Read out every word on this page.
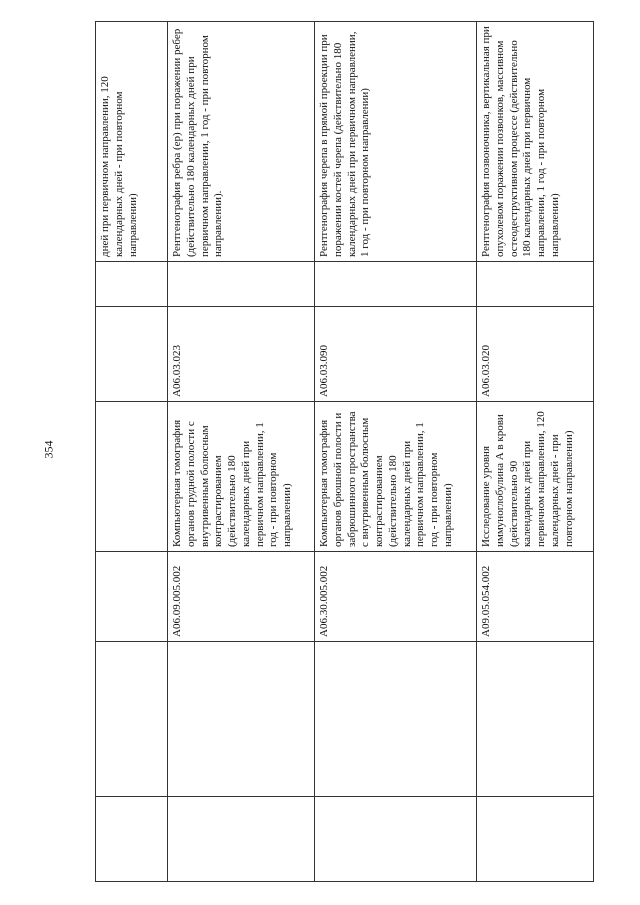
354
						дней при первичном направлении, 120 календарных дней - при повторном направлении)
		A06.09.005.002	Компьютерная томография органов грудной полости с внутривенным болюсным контрастированием (действительно 180 календарных дней при первичном направлении, 1 год - при повторном направлении)	A06.03.023		Рентгенография ребра (ер) при поражении ребер (действительно 180 календарных дней при первичном направлении, 1 год - при повторном направлении).
		A06.30.005.002	Компьютерная томография органов брюшной полости и забрюшинного пространства с внутривенным болюсным контрастированием (действительно 180 календарных дней при первичном направлении, 1 год - при повторном направлении)	A06.03.090		Рентгенография черепа в прямой проекции при поражении костей черепа (действительно 180 календарных дней при первичном направлении, 1 год - при повторном направлении)
		A09.05.054.002	Исследование уровня иммуноглобулина А в крови (действительно 90 календарных дней при первичном направлении, 120 календарных дней - при повторном направлении)	A06.03.020		Рентгенография позвоночника, вертикальная при опухолевом поражении позвонков, массивном остеодеструктивном процессе (действительно 180 календарных дней при первичном направлении, 1 год - при повторном направлении)
